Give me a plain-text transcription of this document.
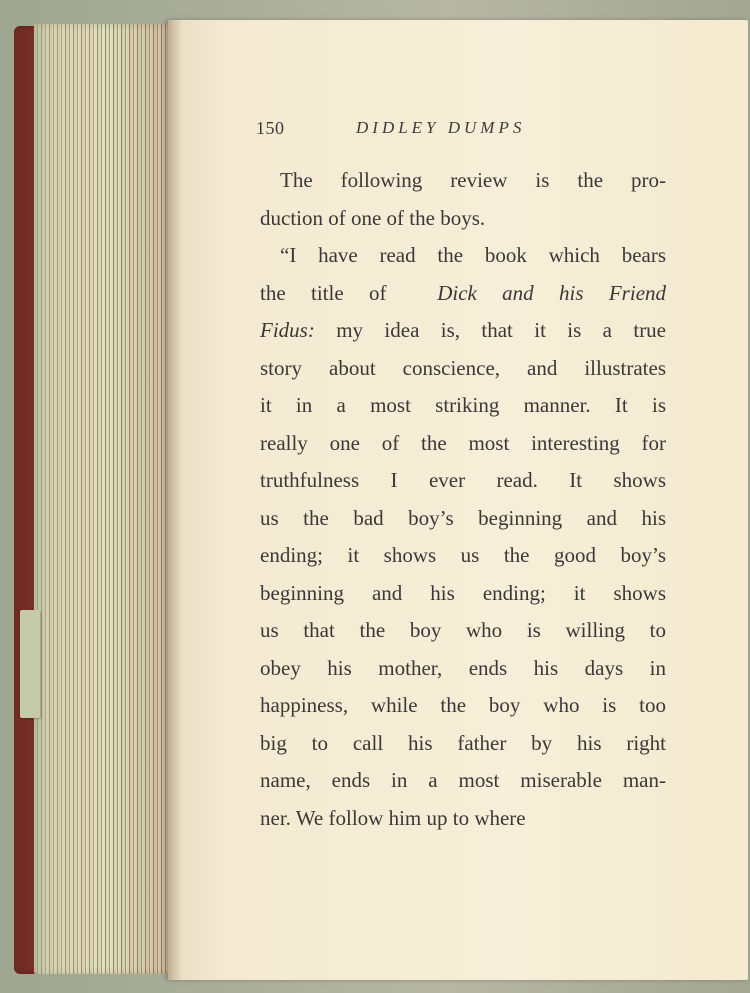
150	DIDLEY DUMPS
The following review is the pro-
duction of one of the boys.
“I have read the book which bears
the title of Dick and his Friend
Fidus: my idea is, that it is a true
story about conscience, and illustrates
it in a most striking manner. It is
really one of the most interesting for
truthfulness I ever read. It shows
us the bad boy’s beginning and his
ending; it shows us the good boy’s
beginning and his ending; it shows
us that the boy who is willing to
obey his mother, ends his days in
happiness, while the boy who is too
big to call his father by his right
name, ends in a most miserable man-
ner. We follow him up to where
